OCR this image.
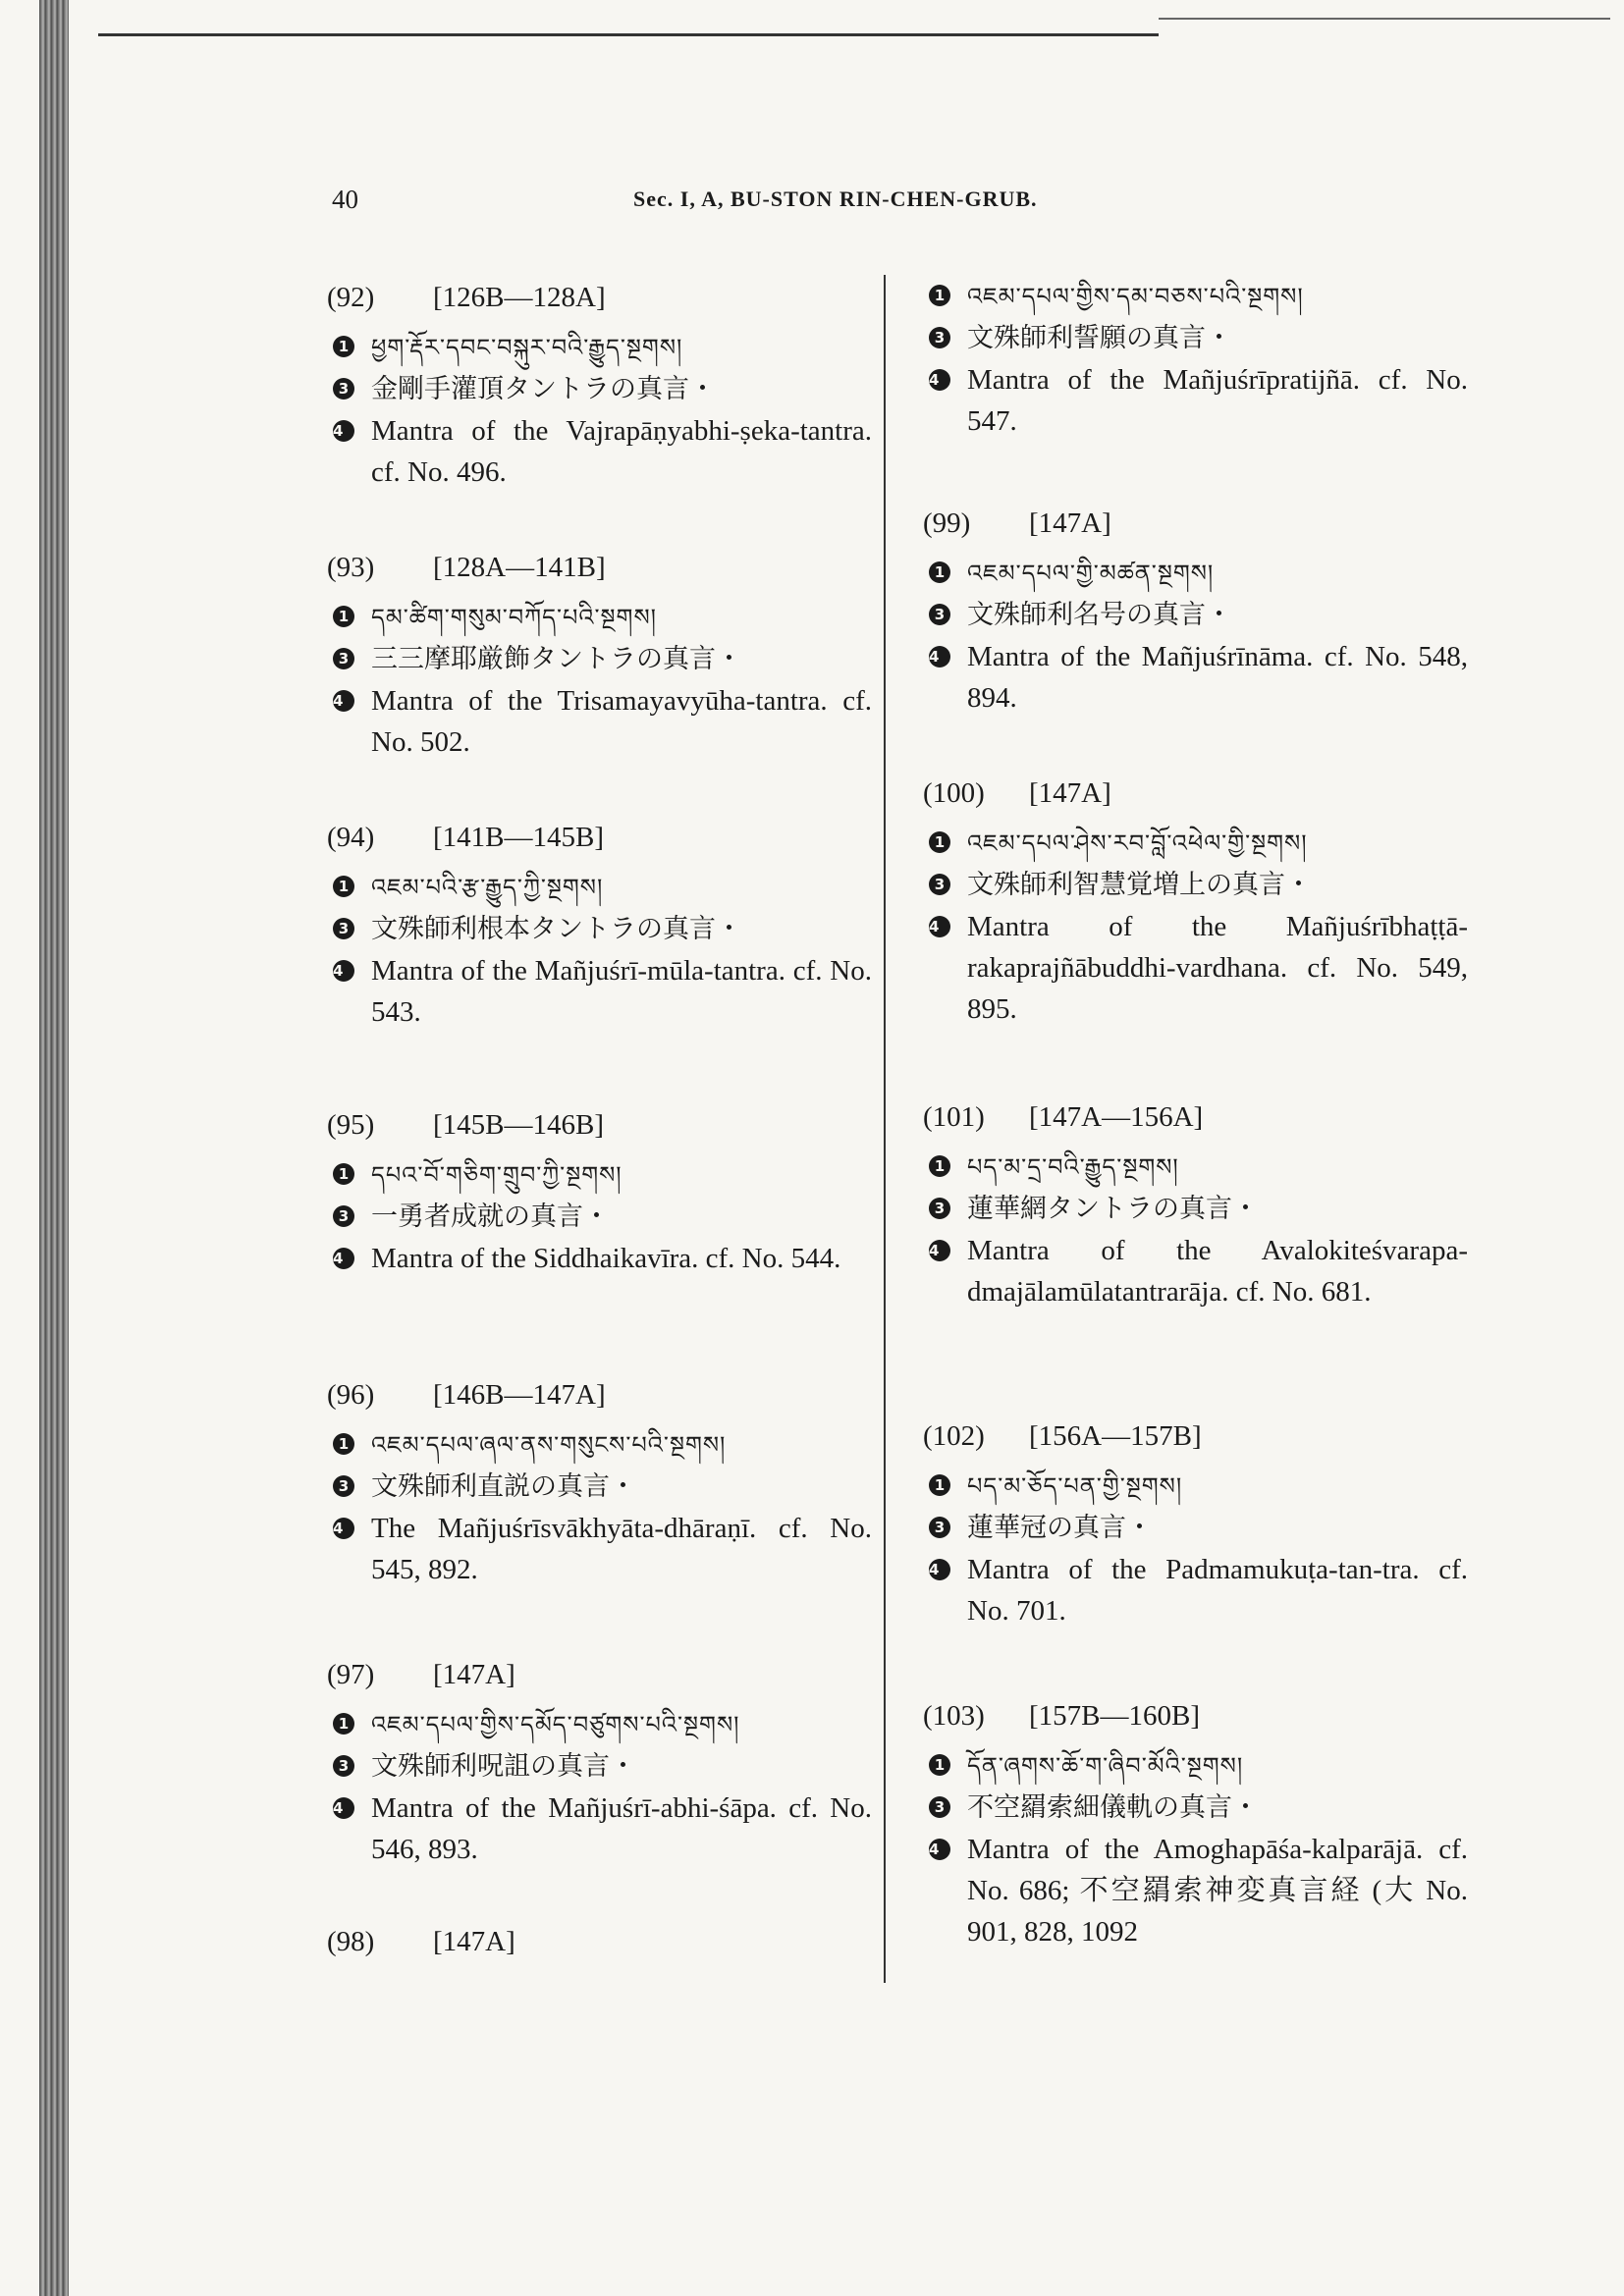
40	Sec. I, A, BU-STON RIN-CHEN-GRUB.
(92) [126B—128A]
1 ཕྱག་རྡོར་དབང་བསྐུར་བའི་རྒྱུད་སྔགས།
3 金剛手灌頂タントラの真言・
4 Mantra of the Vajrapāṇyabhi-ṣeka-tantra. cf. No. 496.
(93) [128A—141B]
1 དམ་ཚིག་གསུམ་བཀོད་པའི་སྔགས།
3 三三摩耶厳飾タントラの真言・
4 Mantra of the Trisamayavyūha-tantra. cf. No. 502.
(94) [141B—145B]
1 འཇམ་པའི་རྩ་རྒྱུད་ཀྱི་སྔགས།
3 文殊師利根本タントラの真言・
4 Mantra of the Mañjuśrī-mūla-tantra. cf. No. 543.
(95) [145B—146B]
1 དཔའ་བོ་གཅིག་གྲུབ་ཀྱི་སྔགས།
3 一勇者成就の真言・
4 Mantra of the Siddhaikavīra. cf. No. 544.
(96) [146B—147A]
1 འཇམ་དཔལ་ཞལ་ནས་གསུངས་པའི་སྔགས།
3 文殊師利直説の真言・
4 The Mañjuśrīsvākhyāta-dhāraṇī. cf. No. 545, 892.
(97) [147A]
1 འཇམ་དཔལ་གྱིས་དམོད་བཙུགས་པའི་སྔགས།
3 文殊師利呪詛の真言・
4 Mantra of the Mañjuśrī-abhi-śāpa. cf. No. 546, 893.
(98) [147A]
1 འཇམ་དཔལ་གྱིས་དམ་བཅས་པའི་སྔགས།
3 文殊師利誓願の真言・
4 Mantra of the Mañjuśrīpratijñā. cf. No. 547.
(99) [147A]
1 འཇམ་དཔལ་གྱི་མཚན་སྔགས།
3 文殊師利名号の真言・
4 Mantra of the Mañjuśrīnāma. cf. No. 548, 894.
(100) [147A]
1 འཇམ་དཔལ་ཤེས་རབ་བློ་འཕེལ་གྱི་སྔགས།
3 文殊師利智慧覚増上の真言・
4 Mantra of the Mañjuśrībhaṭṭā-rakaprajñābuddhi-vardhana. cf. No. 549, 895.
(101) [147A—156A]
1 པད་མ་དྲ་བའི་རྒྱུད་སྔགས།
3 蓮華網タントラの真言・
4 Mantra of the Avalokiteśvarapa-dmajālamūlatantrarāja. cf. No. 681.
(102) [156A—157B]
1 པད་མ་ཅོད་པན་གྱི་སྔགས།
3 蓮華冠の真言・
4 Mantra of the Padmamukuṭa-tan-tra. cf. No. 701.
(103) [157B—160B]
1 དོན་ཞགས་ཆོ་ག་ཞིབ་མོའི་སྔགས།
3 不空羂索細儀軌の真言・
4 Mantra of the Amoghapāśa-kalparājā. cf. No. 686; 不空羂索神変真言経 (大 No. 901, 828, 1092
